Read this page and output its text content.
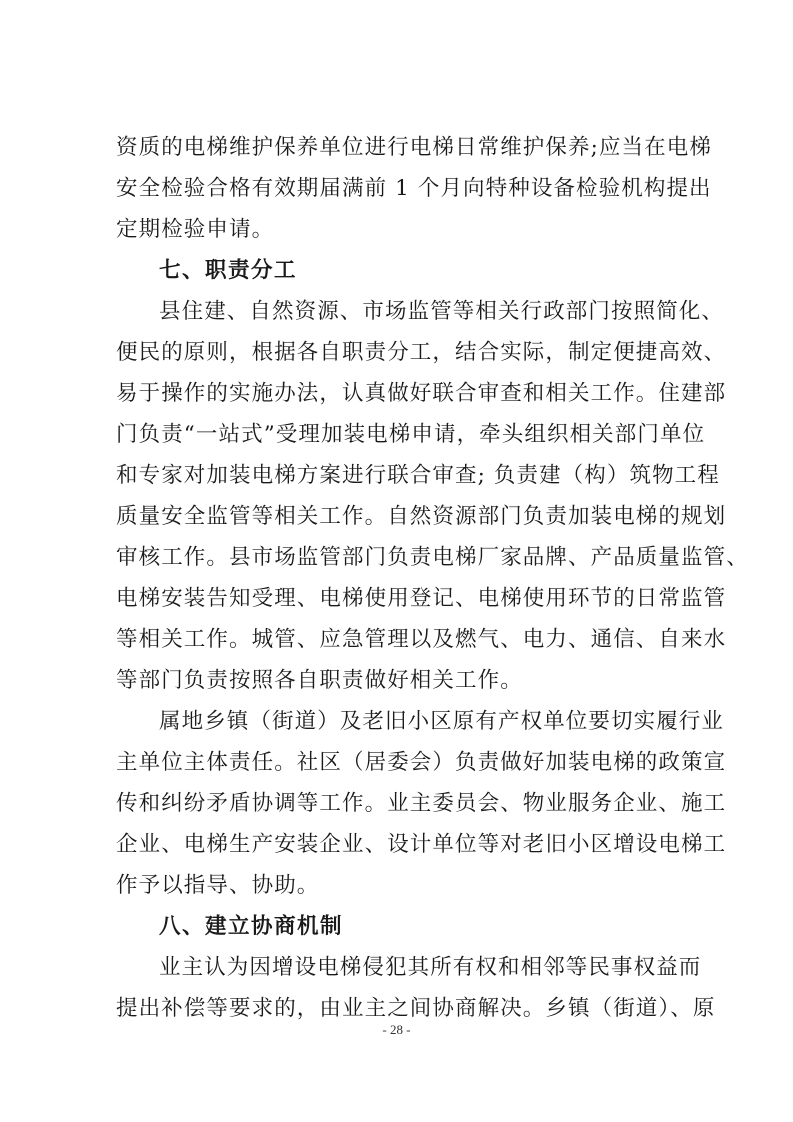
资质的电梯维护保养单位进行电梯日常维护保养;应当在电梯
安全检验合格有效期届满前 1 个月向特种设备检验机构提出
定期检验申请。
七、职责分工
县住建、自然资源、市场监管等相关行政部门按照简化、
便民的原则，根据各自职责分工，结合实际，制定便捷高效、
易于操作的实施办法，认真做好联合审查和相关工作。住建部
门负责“一站式”受理加装电梯申请，牵头组织相关部门单位
和专家对加装电梯方案进行联合审查; 负责建（构）筑物工程
质量安全监管等相关工作。自然资源部门负责加装电梯的规划
审核工作。县市场监管部门负责电梯厂家品牌、产品质量监管、
电梯安装告知受理、电梯使用登记、电梯使用环节的日常监管
等相关工作。城管、应急管理以及燃气、电力、通信、自来水
等部门负责按照各自职责做好相关工作。
属地乡镇（街道）及老旧小区原有产权单位要切实履行业
主单位主体责任。社区（居委会）负责做好加装电梯的政策宣
传和纠纷矛盾协调等工作。业主委员会、物业服务企业、施工
企业、电梯生产安装企业、设计单位等对老旧小区增设电梯工
作予以指导、协助。
八、建立协商机制
业主认为因增设电梯侵犯其所有权和相邻等民事权益而
提出补偿等要求的，由业主之间协商解决。乡镇（街道）、原
- 28 -
